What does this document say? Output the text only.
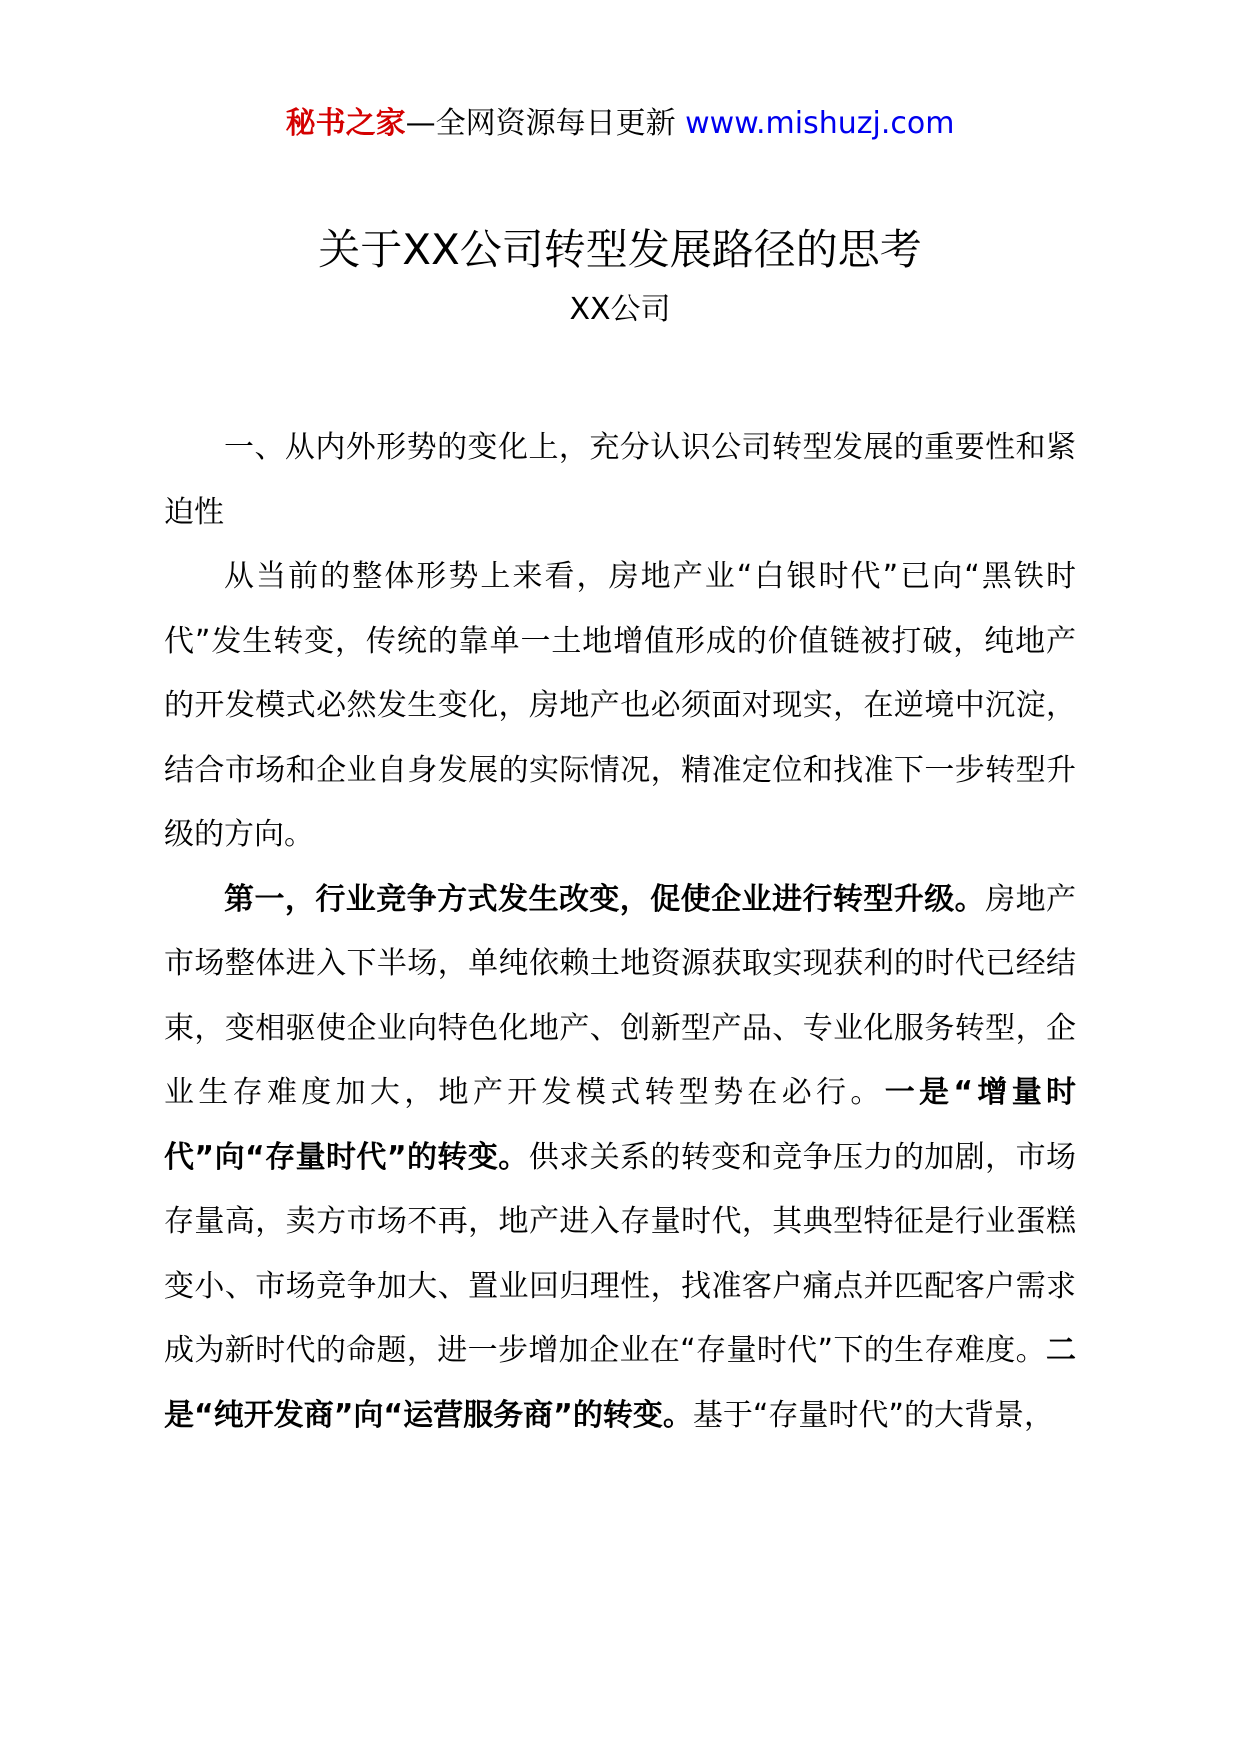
秘书之家—全网资源每日更新 www.mishuzj.com
关于XX公司转型发展路径的思考
XX公司

一、从内外形势的变化上，充分认识公司转型发展的重要性和紧迫性

从当前的整体形势上来看，房地产业“白银时代”已向“黑铁时代”发生转变，传统的靠单一土地增值形成的价值链被打破，纯地产的开发模式必然发生变化，房地产也必须面对现实，在逆境中沉淀，结合市场和企业自身发展的实际情况，精准定位和找准下一步转型升级的方向。

第一，行业竞争方式发生改变，促使企业进行转型升级。房地产市场整体进入下半场，单纯依赖土地资源获取实现获利的时代已经结束，变相驱使企业向特色化地产、创新型产品、专业化服务转型，企业生存难度加大，地产开发模式转型势在必行。一是“增量时代”向“存量时代”的转变。供求关系的转变和竞争压力的加剧，市场存量高，卖方市场不再，地产进入存量时代，其典型特征是行业蛋糕变小、市场竞争加大、置业回归理性，找准客户痛点并匹配客户需求成为新时代的命题，进一步增加企业在“存量时代”下的生存难度。二是“纯开发商”向“运营服务商”的转变。基于“存量时代”的大背景，
